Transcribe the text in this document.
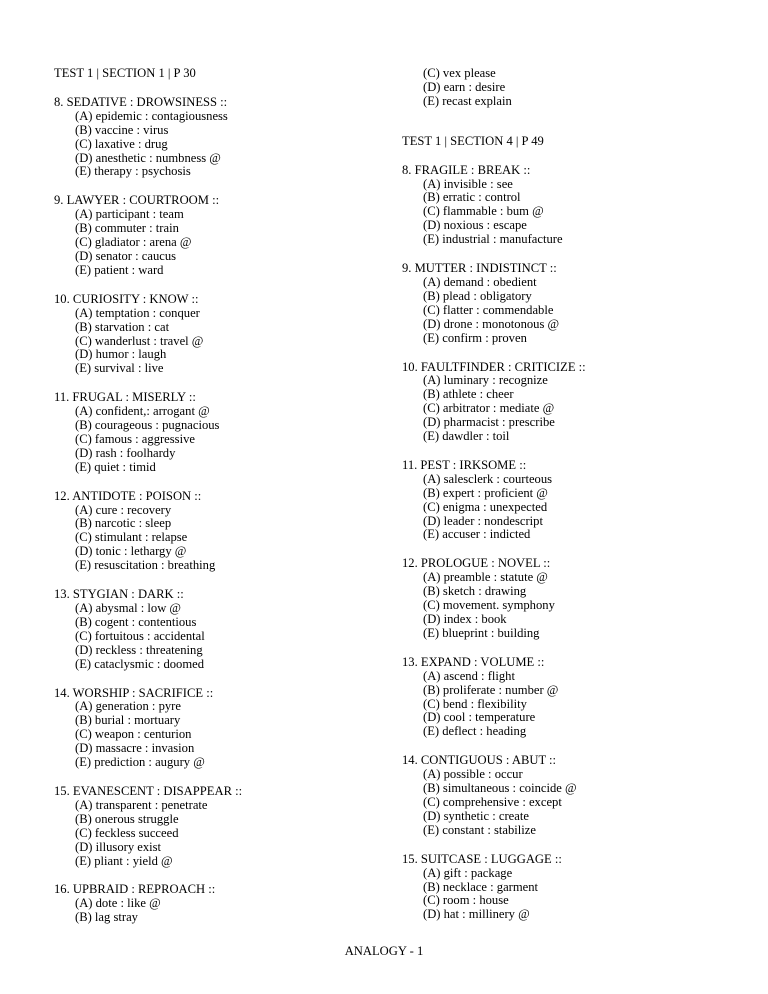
TEST 1 | SECTION 1 | P 30

8. SEDATIVE : DROWSINESS ::

(A) epidemic : contagiousness
(B) vaccine : virus
(C) laxative : drug
(D) anesthetic : numbness @
(E) therapy : psychosis

9. LAWYER : COURTROOM ::

(A) participant : team
(B) commuter : train
(C) gladiator : arena @
(D) senator : caucus
(E) patient : ward

10. CURIOSITY : KNOW ::

(A) temptation : conquer
(B) starvation : cat
(C) wanderlust : travel @
(D) humor : laugh
(E) survival : live

11. FRUGAL : MISERLY ::

(A) confident,: arrogant @
(B) courageous : pugnacious
(C) famous : aggressive
(D) rash : foolhardy
(E) quiet : timid

12. ANTIDOTE : POISON ::

(A) cure : recovery
(B) narcotic : sleep
(C) stimulant : relapse
(D) tonic : lethargy @
(E) resuscitation : breathing

13. STYGIAN : DARK ::

(A) abysmal : low @
(B) cogent : contentious
(C) fortuitous : accidental
(D) reckless : threatening
(E) cataclysmic : doomed

14. WORSHIP : SACRIFICE ::

(A) generation : pyre
(B) burial : mortuary
(C) weapon : centurion
(D) massacre : invasion
(E) prediction : augury @

15. EVANESCENT : DISAPPEAR ::

(A) transparent : penetrate
(B) onerous struggle
(C) feckless succeed
(D) illusory exist
(E) pliant : yield @

16. UPBRAID : REPROACH ::

(A) dote : like @
(B) lag stray
(C) vex please
(D) earn : desire
(E) recast explain

TEST 1 | SECTION 4 | P 49

8. FRAGILE : BREAK ::

(A) invisible : see
(B) erratic : control
(C) flammable : bum @
(D) noxious : escape
(E) industrial : manufacture

9. MUTTER : INDISTINCT ::

(A) demand : obedient
(B) plead : obligatory
(C) flatter : commendable
(D) drone : monotonous @
(E) confirm : proven

10. FAULTFINDER : CRITICIZE ::

(A) luminary : recognize
(B) athlete : cheer
(C) arbitrator : mediate @
(D) pharmacist : prescribe
(E) dawdler : toil

11. PEST : IRKSOME ::

(A) salesclerk : courteous
(B) expert : proficient @
(C) enigma : unexpected
(D) leader : nondescript
(E) accuser : indicted

12. PROLOGUE : NOVEL ::

(A) preamble : statute @
(B) sketch : drawing
(C) movement. symphony
(D) index : book
(E) blueprint : building

13. EXPAND : VOLUME ::

(A) ascend : flight
(B) proliferate : number @
(C) bend : flexibility
(D) cool : temperature
(E) deflect : heading

14. CONTIGUOUS : ABUT ::

(A) possible : occur
(B) simultaneous : coincide @
(C) comprehensive : except
(D) synthetic : create
(E) constant : stabilize

15. SUITCASE : LUGGAGE ::

(A) gift : package
(B) necklace : garment
(C) room : house
(D) hat : millinery @
ANALOGY - 1
